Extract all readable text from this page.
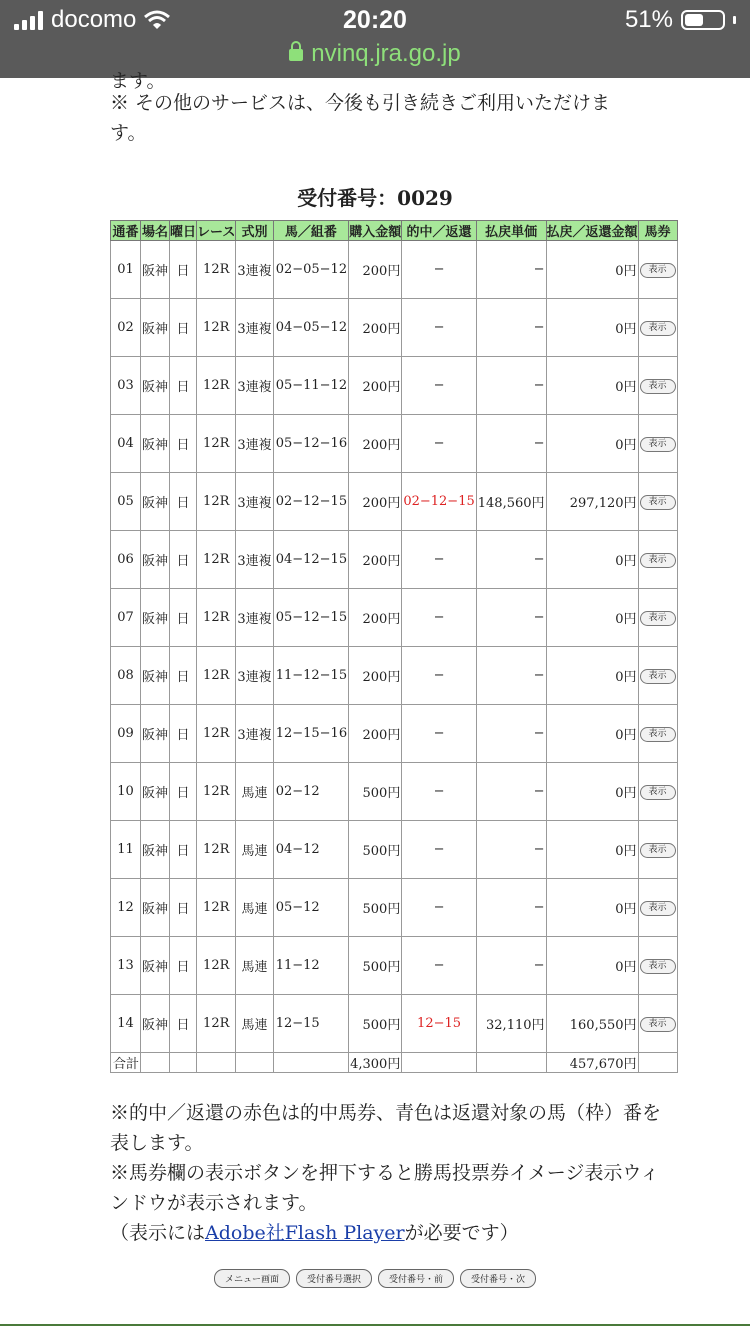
docomo	20:20	51%
nvinq.jra.go.jp
ます。

※ その他のサービスは、今後も引き続きご利用いただけます。

受付番号：0029
通番	場名	曜日	レース	式別	馬／組番	購入金額	的中／返還	払戻単価	払戻／返還金額	馬券
01	阪神	日	12R	3連複	02−05−12	200円	−	−	0円	表示
02	阪神	日	12R	3連複	04−05−12	200円	−	−	0円	表示
03	阪神	日	12R	3連複	05−11−12	200円	−	−	0円	表示
04	阪神	日	12R	3連複	05−12−16	200円	−	−	0円	表示
05	阪神	日	12R	3連複	02−12−15	200円	02−12−15	148,560円	297,120円	表示
06	阪神	日	12R	3連複	04−12−15	200円	−	−	0円	表示
07	阪神	日	12R	3連複	05−12−15	200円	−	−	0円	表示
08	阪神	日	12R	3連複	11−12−15	200円	−	−	0円	表示
09	阪神	日	12R	3連複	12−15−16	200円	−	−	0円	表示
10	阪神	日	12R	馬連	02−12	500円	−	−	0円	表示
11	阪神	日	12R	馬連	04−12	500円	−	−	0円	表示
12	阪神	日	12R	馬連	05−12	500円	−	−	0円	表示
13	阪神	日	12R	馬連	11−12	500円	−	−	0円	表示
14	阪神	日	12R	馬連	12−15	500円	12−15	32,110円	160,550円	表示
合計						4,300円			457,670円	

※的中／返還の赤色は的中馬券、青色は返還対象の馬（枠）番を表します。

※馬券欄の表示ボタンを押下すると勝馬投票券イメージ表示ウィンドウが表示されます。

（表示にはAdobe社Flash Playerが必要です）

メニュー画面	受付番号選択	受付番号・前	受付番号・次
